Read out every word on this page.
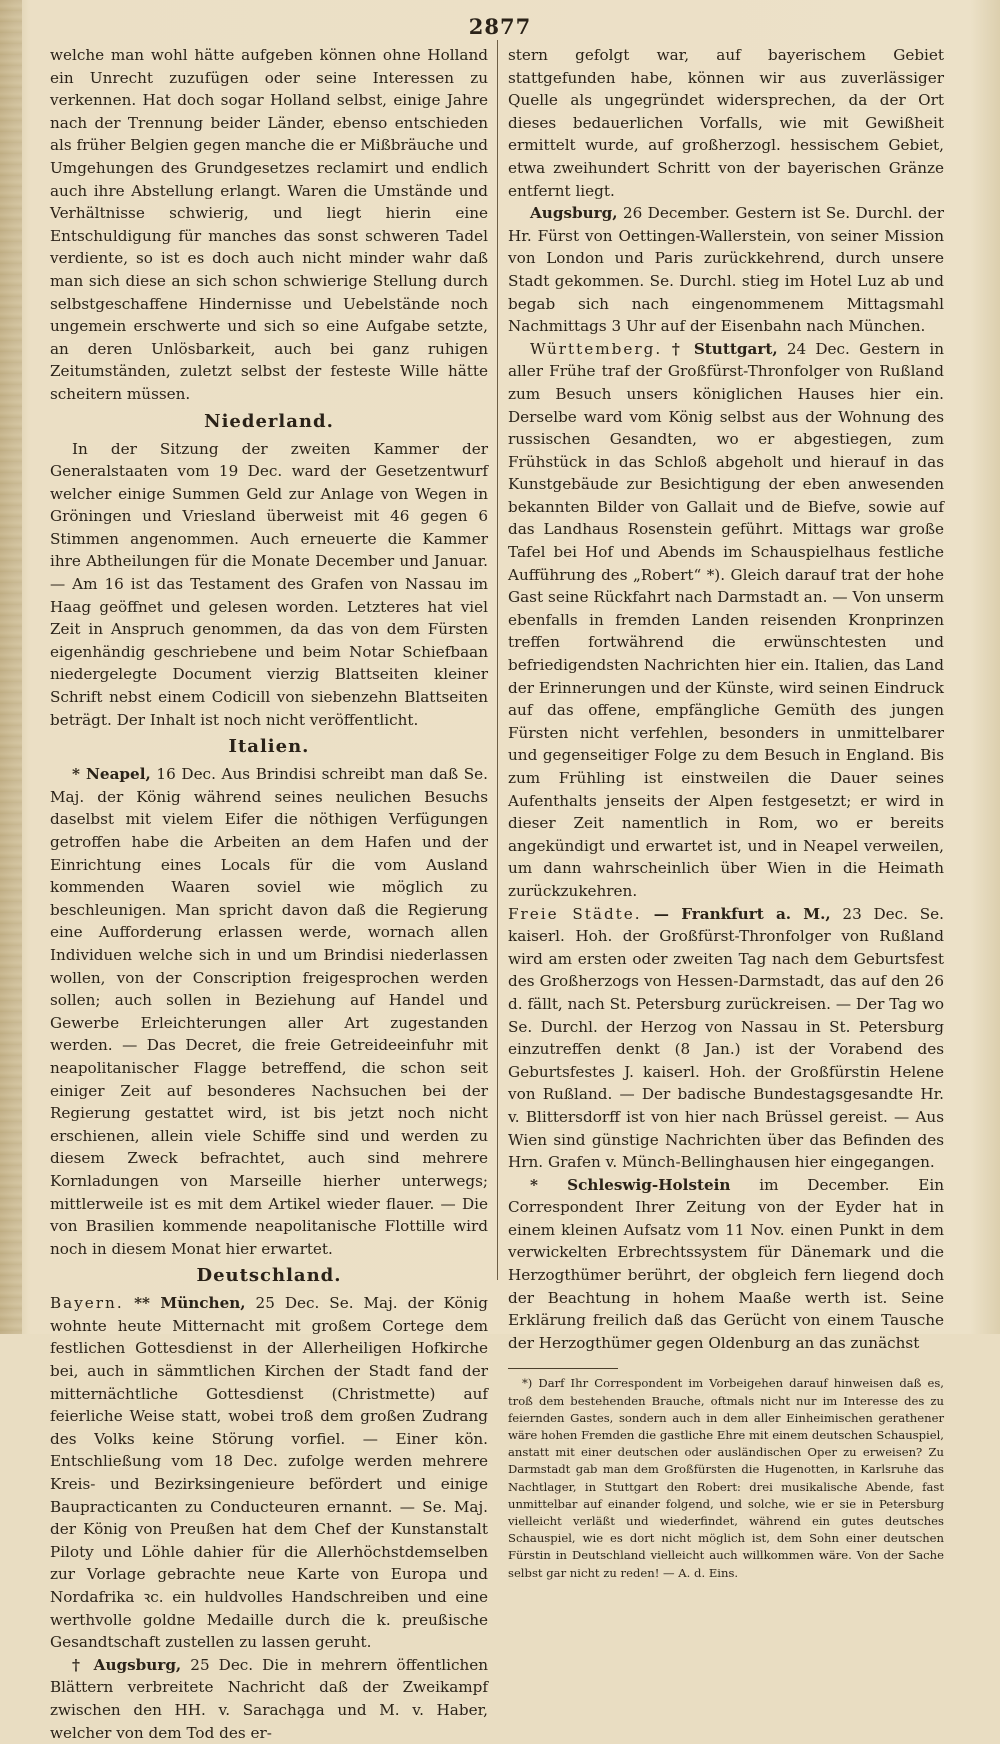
2877

welche man wohl hätte aufgeben können ohne Holland ein Unrecht zuzufügen oder seine Interessen zu verkennen. Hat doch sogar Holland selbst, einige Jahre nach der Trennung beider Länder, ebenso entschieden als früher Belgien gegen manche die er Mißbräuche und Umgehungen des Grundgesetzes reclamirt und endlich auch ihre Abstellung erlangt. Waren die Umstände und Verhältnisse schwierig, und liegt hierin eine Entschuldigung für manches das sonst schweren Tadel verdiente, so ist es doch auch nicht minder wahr daß man sich diese an sich schon schwierige Stellung durch selbstgeschaffene Hindernisse und Uebelstände noch ungemein erschwerte und sich so eine Aufgabe setzte, an deren Unlösbarkeit, auch bei ganz ruhigen Zeitumständen, zuletzt selbst der festeste Wille hätte scheitern müssen.

Niederland.

In der Sitzung der zweiten Kammer der Generalstaaten vom 19 Dec. ward der Gesetzentwurf welcher einige Summen Geld zur Anlage von Wegen in Gröningen und Vriesland überweist mit 46 gegen 6 Stimmen angenommen. Auch erneuerte die Kammer ihre Abtheilungen für die Monate December und Januar. — Am 16 ist das Testament des Grafen von Nassau im Haag geöffnet und gelesen worden. Letzteres hat viel Zeit in Anspruch genommen, da das von dem Fürsten eigenhändig geschriebene und beim Notar Schiefbaan niedergelegte Document vierzig Blattseiten kleiner Schrift nebst einem Codicill von siebenzehn Blattseiten beträgt. Der Inhalt ist noch nicht veröffentlicht.

Italien.

* Neapel, 16 Dec. Aus Brindisi schreibt man daß Se. Maj. der König während seines neulichen Besuchs daselbst mit vielem Eifer die nöthigen Verfügungen getroffen habe die Arbeiten an dem Hafen und der Einrichtung eines Locals für die vom Ausland kommenden Waaren soviel wie möglich zu beschleunigen. Man spricht davon daß die Regierung eine Aufforderung erlassen werde, wornach allen Individuen welche sich in und um Brindisi niederlassen wollen, von der Conscription freigesprochen werden sollen; auch sollen in Beziehung auf Handel und Gewerbe Erleichterungen aller Art zugestanden werden. — Das Decret, die freie Getreideeinfuhr mit neapolitanischer Flagge betreffend, die schon seit einiger Zeit auf besonderes Nachsuchen bei der Regierung gestattet wird, ist bis jetzt noch nicht erschienen, allein viele Schiffe sind und werden zu diesem Zweck befrachtet, auch sind mehrere Kornladungen von Marseille hierher unterwegs; mittlerweile ist es mit dem Artikel wieder flauer. — Die von Brasilien kommende neapolitanische Flottille wird noch in diesem Monat hier erwartet.

Deutschland.

Bayern. ** München, 25 Dec. Se. Maj. der König wohnte heute Mitternacht mit großem Cortege dem festlichen Gottesdienst in der Allerheiligen Hofkirche bei, auch in sämmtlichen Kirchen der Stadt fand der mitternächtliche Gottesdienst (Christmette) auf feierliche Weise statt, wobei troß dem großen Zudrang des Volks keine Störung vorfiel. — Einer kön. Entschließung vom 18 Dec. zufolge werden mehrere Kreis- und Bezirksingenieure befördert und einige Baupracticanten zu Conducteuren ernannt. — Se. Maj. der König von Preußen hat dem Chef der Kunstanstalt Piloty und Löhle dahier für die Allerhöchstdemselben zur Vorlage gebrachte neue Karte von Europa und Nordafrika ꝛc. ein huldvolles Handschreiben und eine werthvolle goldne Medaille durch die k. preußische Gesandtschaft zustellen zu lassen geruht.

† Augsburg, 25 Dec. Die in mehrern öffentlichen Blättern verbreitete Nachricht daß der Zweikampf zwischen den HH. v. Saracha̧ga und M. v. Haber, welcher von dem Tod des er-

stern gefolgt war, auf bayerischem Gebiet stattgefunden habe, können wir aus zuverlässiger Quelle als ungegründet widersprechen, da der Ort dieses bedauerlichen Vorfalls, wie mit Gewißheit ermittelt wurde, auf großherzogl. hessischem Gebiet, etwa zweihundert Schritt von der bayerischen Gränze entfernt liegt.

Augsburg, 26 December. Gestern ist Se. Durchl. der Hr. Fürst von Oettingen-Wallerstein, von seiner Mission von London und Paris zurückkehrend, durch unsere Stadt gekommen. Se. Durchl. stieg im Hotel Luz ab und begab sich nach eingenommenem Mittagsmahl Nachmittags 3 Uhr auf der Eisenbahn nach München.

Württemberg. † Stuttgart, 24 Dec. Gestern in aller Frühe traf der Großfürst-Thronfolger von Rußland zum Besuch unsers königlichen Hauses hier ein. Derselbe ward vom König selbst aus der Wohnung des russischen Gesandten, wo er abgestiegen, zum Frühstück in das Schloß abgeholt und hierauf in das Kunstgebäude zur Besichtigung der eben anwesenden bekannten Bilder von Gallait und de Biefve, sowie auf das Landhaus Rosenstein geführt. Mittags war große Tafel bei Hof und Abends im Schauspielhaus festliche Aufführung des „Robert“ *). Gleich darauf trat der hohe Gast seine Rückfahrt nach Darmstadt an. — Von unserm ebenfalls in fremden Landen reisenden Kronprinzen treffen fortwährend die erwünschtesten und befriedigendsten Nachrichten hier ein. Italien, das Land der Erinnerungen und der Künste, wird seinen Eindruck auf das offene, empfängliche Gemüth des jungen Fürsten nicht verfehlen, besonders in unmittelbarer und gegenseitiger Folge zu dem Besuch in England. Bis zum Frühling ist einstweilen die Dauer seines Aufenthalts jenseits der Alpen festgesetzt; er wird in dieser Zeit namentlich in Rom, wo er bereits angekündigt und erwartet ist, und in Neapel verweilen, um dann wahrscheinlich über Wien in die Heimath zurückzukehren.

Freie Städte. — Frankfurt a. M., 23 Dec. Se. kaiserl. Hoh. der Großfürst-Thronfolger von Rußland wird am ersten oder zweiten Tag nach dem Geburtsfest des Großherzogs von Hessen-Darmstadt, das auf den 26 d. fällt, nach St. Petersburg zurückreisen. — Der Tag wo Se. Durchl. der Herzog von Nassau in St. Petersburg einzutreffen denkt (8 Jan.) ist der Vorabend des Geburtsfestes J. kaiserl. Hoh. der Großfürstin Helene von Rußland. — Der badische Bundestagsgesandte Hr. v. Blittersdorff ist von hier nach Brüssel gereist. — Aus Wien sind günstige Nachrichten über das Befinden des Hrn. Grafen v. Münch-Bellinghausen hier eingegangen.

* Schleswig-Holstein im December. Ein Correspondent Ihrer Zeitung von der Eyder hat in einem kleinen Aufsatz vom 11 Nov. einen Punkt in dem verwickelten Erbrechtssystem für Dänemark und die Herzogthümer berührt, der obgleich fern liegend doch der Beachtung in hohem Maaße werth ist. Seine Erklärung freilich daß das Gerücht von einem Tausche der Herzogthümer gegen Oldenburg an das zunächst

*) Darf Ihr Correspondent im Vorbeigehen darauf hinweisen daß es, troß dem bestehenden Brauche, oftmals nicht nur im Interesse des zu feiernden Gastes, sondern auch in dem aller Einheimischen gerathener wäre hohen Fremden die gastliche Ehre mit einem deutschen Schauspiel, anstatt mit einer deutschen oder ausländischen Oper zu erweisen? Zu Darmstadt gab man dem Großfürsten die Hugenotten, in Karlsruhe das Nachtlager, in Stuttgart den Robert: drei musikalische Abende, fast unmittelbar auf einander folgend, und solche, wie er sie in Petersburg vielleicht verläßt und wiederfindet, während ein gutes deutsches Schauspiel, wie es dort nicht möglich ist, dem Sohn einer deutschen Fürstin in Deutschland vielleicht auch willkommen wäre. Von der Sache selbst gar nicht zu reden! — A. d. Eins.
